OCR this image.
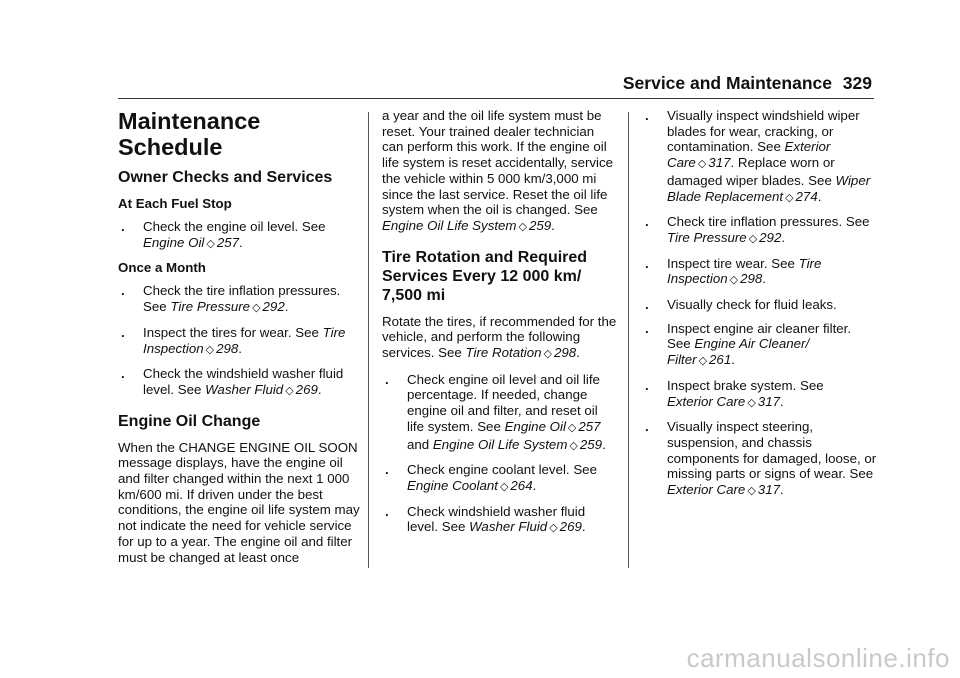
Service and Maintenance 329
Maintenance
Schedule
Owner Checks and Services
At Each Fuel Stop
. Check the engine oil level. See
Engine Oil ◇ 257.
Once a Month
. Check the tire inflation pressures. See Tire Pressure ◇ 292.
. Inspect the tires for wear. See Tire Inspection ◇ 298.
. Check the windshield washer fluid level. See Washer Fluid ◇ 269.
Engine Oil Change
When the CHANGE ENGINE OIL SOON message displays, have the engine oil and filter changed within the next 1 000 km/600 mi. If driven under the best conditions, the engine oil life system may not indicate the need for vehicle service for up to a year. The engine oil and filter must be changed at least once
a year and the oil life system must be reset. Your trained dealer technician can perform this work. If the engine oil life system is reset accidentally, service the vehicle within 5 000 km/3,000 mi since the last service. Reset the oil life system when the oil is changed. See Engine Oil Life System ◇ 259.
Tire Rotation and Required Services Every 12 000 km/ 7,500 mi
Rotate the tires, if recommended for the vehicle, and perform the following services. See Tire Rotation ◇ 298.
. Check engine oil level and oil life percentage. If needed, change engine oil and filter, and reset oil life system. See Engine Oil ◇ 257 and Engine Oil Life System ◇ 259.
. Check engine coolant level. See Engine Coolant ◇ 264.
. Check windshield washer fluid level. See Washer Fluid ◇ 269.
. Visually inspect windshield wiper blades for wear, cracking, or contamination. See Exterior Care ◇ 317. Replace worn or damaged wiper blades. See Wiper Blade Replacement ◇ 274.
. Check tire inflation pressures. See Tire Pressure ◇ 292.
. Inspect tire wear. See Tire Inspection ◇ 298.
. Visually check for fluid leaks.
. Inspect engine air cleaner filter. See Engine Air Cleaner/ Filter ◇ 261.
. Inspect brake system. See
Exterior Care ◇ 317.
. Visually inspect steering, suspension, and chassis components for damaged, loose, or missing parts or signs of wear. See Exterior Care ◇ 317.
carmanualsonline.info
